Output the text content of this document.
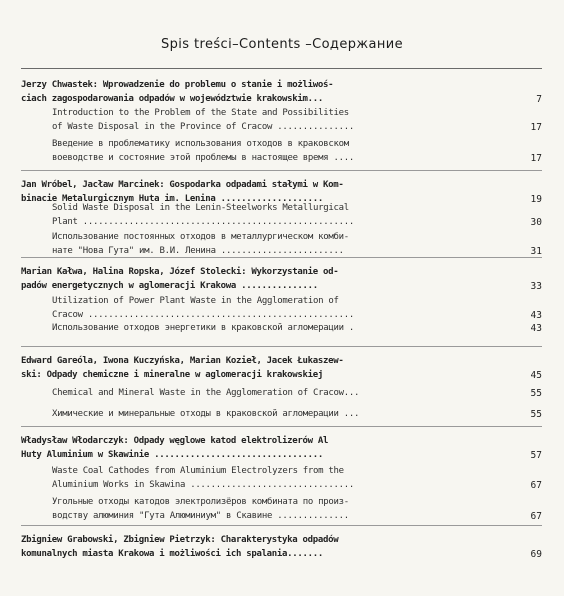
Spis treści–Contents –Содержание
Jerzy Chwastek: Wprowadzenie do problemu o stanie i możliwoś-
ciach zagospodarowania odpadów w województwie krakowskim...	7
Introduction to the Problem of the State and Possibilities
of Waste Disposal in the Province of Cracow ...............	17
Введение в проблематику использования отходов в краковском
воеводстве и состояние этой проблемы в настоящее время ....	17
Jan Wróbel, Jacław Marcinek: Gospodarka odpadami stałymi w Kom-
binacie Metalurgicznym Huta im. Lenina ....................	19
Solid Waste Disposal in the Lenin-Steelworks Metallurgical
Plant .....................................................	30
Использование постоянных отходов в металлургическом комби-
нате "Нова Гута" им. В.И. Ленина ........................	31
Marian Kałwa, Halina Ropska, Józef Stolecki: Wykorzystanie od-
padów energetycznych w aglomeracji Krakowa ...............	33
Utilization of Power Plant Waste in the Agglomeration of
Cracow ....................................................	43
Использование отходов энергетики в краковской агломерации .	43
Edward Gareóla, Iwona Kuczyńska, Marian Kozieł, Jacek Łukaszew-
ski: Odpady chemiczne i mineralne w aglomeracji krakowskiej	45
Chemical and Mineral Waste in the Agglomeration of Cracow...	55
Химические и минеральные отходы в краковской агломерации ...	55
Władysław Włodarczyk: Odpady węglowe katod elektrolizerów Al
Huty Aluminium w Skawinie .................................	57
Waste Coal Cathodes from Aluminium Electrolyzers from the
Aluminium Works in Skawina ................................	67
Угольные отходы катодов электролизёров комбината по произ-
водству алюминия "Гута Алюминиум" в Скавине ..............	67
Zbigniew Grabowski, Zbigniew Pietrzyk: Charakterystyka odpadów
komunalnych miasta Krakowa i możliwości ich spalania.......	69
